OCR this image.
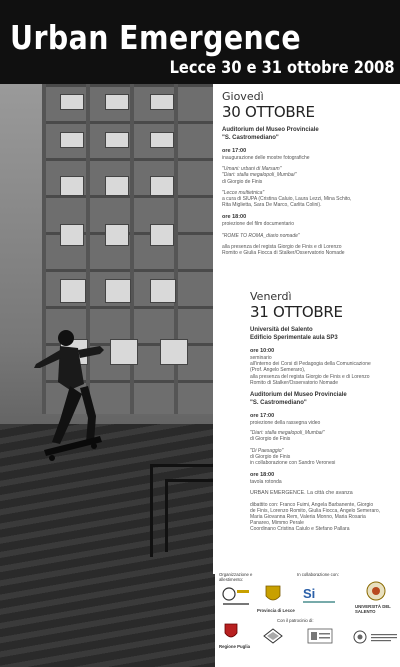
Urban Emergence
Lecce 30 e 31 ottobre 2008
Giovedì
30 OTTOBRE
Auditorium del Museo Provinciale
"S. Castromediano"
ore 17:00
inaugurazione delle mostre fotografiche
"Umani: urbani di Marsam"
"Diari: stalla megalopoli_Mumbai"
di Giorgio de Finis
"Lecce multietnica"
a cura di SIUPA (Cristina Caluio, Laura Lezzi, Mina Schito,
Rita Miglietta, Sara De Marco, Carlita Colini).
ore 18:00
proiezione del film documentario
"ROME TO ROMA_diario nomade"
alla presenza del regista Giorgio de Finis e di Lorenzo
Romito e Giulia Fiocca di Stalker/Osservatorio Nomade
Venerdì
31 OTTOBRE
Università del Salento
Edificio Sperimentale aula SP3
ore 10:00
seminario
all'interno dei Corsi di Pedagogia della Comunicazione
(Prof. Angelo Semeraro),
alla presenza del regista Giorgio de Finis e di Lorenzo
Romito di Stalker/Osservatorio Nomade
Auditorium del Museo Provinciale
"S. Castromediano"
ore 17:00
proiezione della rassegna video
"Diari: stalla megalopoli_Mumbai"
di Giorgio de Finis
"Di Paesaggio"
di Giorgio de Finis
in collaborazione con Sandro Veronesi
ore 18:00
tavola rotonda
URBAN EMERGENCE. La città che avanza
dibattito con: Franco Fuimi, Angela Barbanente, Giorgio
de Finis, Lorenzo Romito, Giulia Fiocca, Angelo Semeraro,
Maria Giovanna Rem, Valeria Monno, Maria Rosaria
Panareo, Mimmo Perale
Coordinano Cristina Caiulo e Stefano Pallara
Organizzazione e allestimento:
In collaborazione con:
Provincia di Lecce
Si
UNIVERSITÀ DEL SALENTO
Con il patrocinio di:
Regione Puglia
